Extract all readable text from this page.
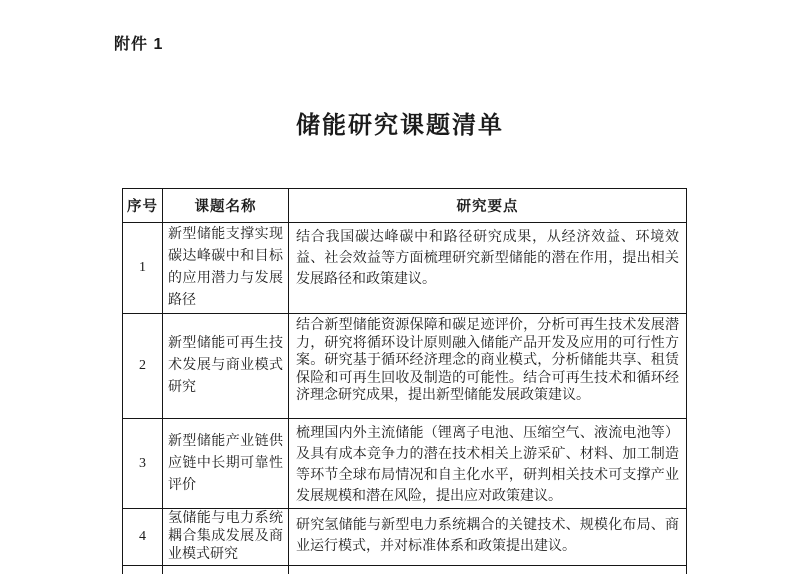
附件 1
储能研究课题清单
序号	课题名称	研究要点
1	新型储能支撑实现碳达峰碳中和目标的应用潜力与发展路径	结合我国碳达峰碳中和路径研究成果，从经济效益、环境效益、社会效益等方面梳理研究新型储能的潜在作用，提出相关发展路径和政策建议。
2	新型储能可再生技术发展与商业模式研究	结合新型储能资源保障和碳足迹评价，分析可再生技术发展潜力，研究将循环设计原则融入储能产品开发及应用的可行性方案。研究基于循环经济理念的商业模式，分析储能共享、租赁保险和可再生回收及制造的可能性。结合可再生技术和循环经济理念研究成果，提出新型储能发展政策建议。
3	新型储能产业链供应链中长期可靠性评价	梳理国内外主流储能（锂离子电池、压缩空气、液流电池等）及具有成本竞争力的潜在技术相关上游采矿、材料、加工制造等环节全球布局情况和自主化水平，研判相关技术可支撑产业发展规模和潜在风险，提出应对政策建议。
4	氢储能与电力系统耦合集成发展及商业模式研究	研究氢储能与新型电力系统耦合的关键技术、规模化布局、商业运行模式，并对标准体系和政策提出建议。
